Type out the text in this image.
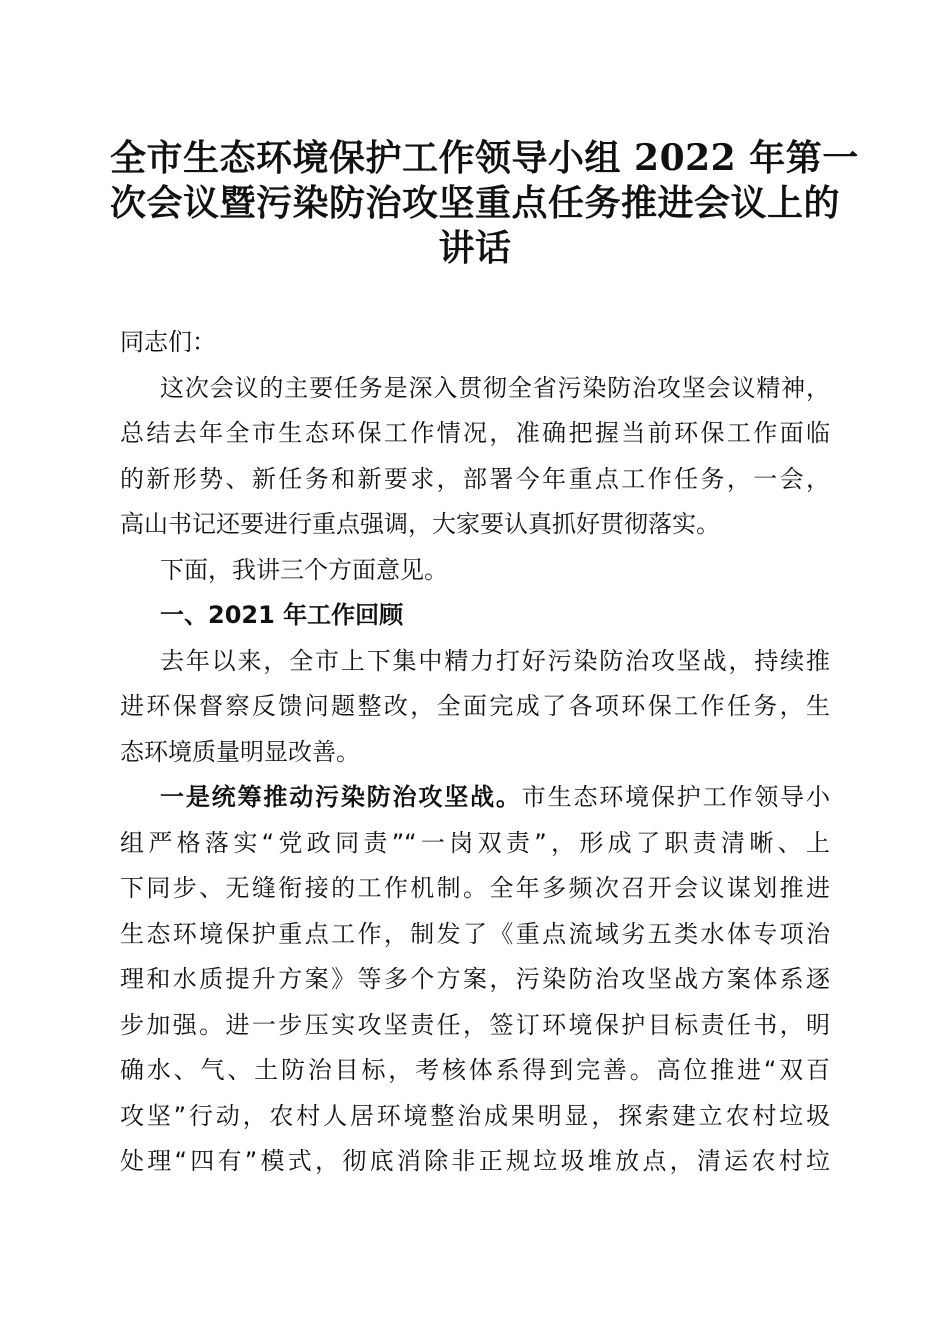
全市生态环境保护工作领导小组 2022 年第一
次会议暨污染防治攻坚重点任务推进会议上的
讲话
同志们：
这次会议的主要任务是深入贯彻全省污染防治攻坚会议精神，
总结去年全市生态环保工作情况，准确把握当前环保工作面临
的新形势、新任务和新要求，部署今年重点工作任务，一会，
高山书记还要进行重点强调，大家要认真抓好贯彻落实。
下面，我讲三个方面意见。
一、2021 年工作回顾
去年以来，全市上下集中精力打好污染防治攻坚战，持续推
进环保督察反馈问题整改，全面完成了各项环保工作任务，生
态环境质量明显改善。
一是统筹推动污染防治攻坚战。市生态环境保护工作领导小
组严格落实“党政同责”“一岗双责”，形成了职责清晰、上
下同步、无缝衔接的工作机制。全年多频次召开会议谋划推进
生态环境保护重点工作，制发了《重点流域劣五类水体专项治
理和水质提升方案》等多个方案，污染防治攻坚战方案体系逐
步加强。进一步压实攻坚责任，签订环境保护目标责任书，明
确水、气、土防治目标，考核体系得到完善。高位推进“双百
攻坚”行动，农村人居环境整治成果明显，探索建立农村垃圾
处理“四有”模式，彻底消除非正规垃圾堆放点，清运农村垃
